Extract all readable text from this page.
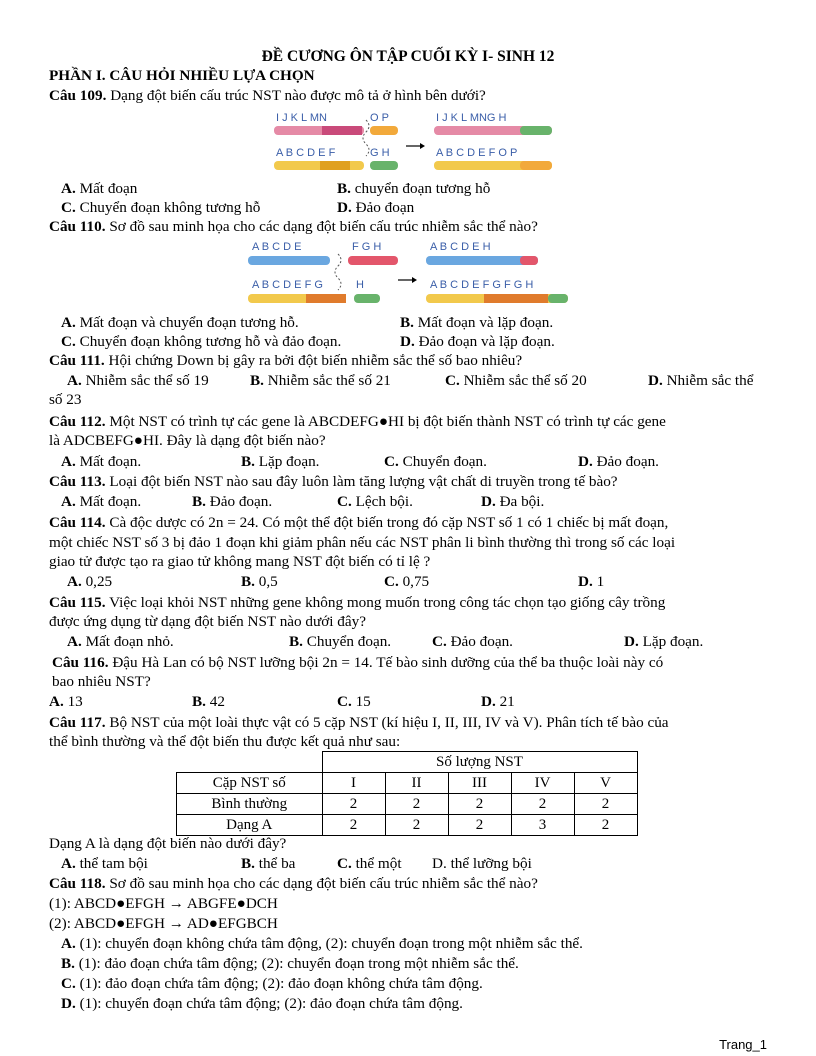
ĐỀ CƯƠNG ÔN TẬP CUỐI KỲ I- SINH 12
PHẦN I. CÂU HỎI NHIỀU LỰA CHỌN
Câu 109. Dạng đột biến cấu trúc NST nào được mô tả ở hình bên dưới?
I J K L MN	O P	I J K L MNG H
A B C D E F	G H	A B C D E F O P
A. Mất đoạn	B. chuyển đoạn tương hỗ
C. Chuyển đoạn không tương hỗ	D. Đảo đoạn
Câu 110. Sơ đồ sau minh họa cho các dạng đột biến cấu trúc nhiễm sắc thể nào?
A B C D E	F G H	A B C D E H
A B C D E F G	H	A B C D E F G F G H
A. Mất đoạn và chuyển đoạn tương hỗ.	B. Mất đoạn và lặp đoạn.
C. Chuyển đoạn không tương hỗ và đảo đoạn.	D. Đảo đoạn và lặp đoạn.
Câu 111. Hội chứng Down bị gây ra bởi đột biến nhiễm sắc thể số bao nhiêu?
A. Nhiễm sắc thể số 19	B. Nhiễm sắc thể số 21	C. Nhiễm sắc thể số 20	D. Nhiễm sắc thể
số 23
Câu 112. Một NST có trình tự các gene là ABCDEFG●HI bị đột biến thành NST có trình tự các gene
là ADCBEFG●HI. Đây là dạng đột biến nào?
A. Mất đoạn.	B. Lặp đoạn.	C. Chuyển đoạn.	D. Đảo đoạn.
Câu 113. Loại đột biến NST nào sau đây luôn làm tăng lượng vật chất di truyền trong tế bào?
A. Mất đoạn.	B. Đảo đoạn.	C. Lệch bội.	D. Đa bội.
Câu 114. Cà độc dược có 2n = 24. Có một thể đột biến trong đó cặp NST số 1 có 1 chiếc bị mất đoạn,
một chiếc NST số 3 bị đảo 1 đoạn khi giảm phân nếu các NST phân li bình thường thì trong số các loại
giao tử được tạo ra giao tử không mang NST đột biến có tỉ lệ ?
A. 0,25	B. 0,5	C. 0,75	D. 1
Câu 115. Việc loại khỏi NST những gene không mong muốn trong công tác chọn tạo giống cây trồng
được ứng dụng từ dạng đột biến NST nào dưới đây?
A. Mất đoạn nhỏ.	B. Chuyển đoạn.	C. Đảo đoạn.	D. Lặp đoạn.
Câu 116. Đậu Hà Lan có bộ NST lưỡng bội 2n = 14. Tế bào sinh dưỡng của thể ba thuộc loài này có
bao nhiêu NST?
A. 13	B. 42	C. 15	D. 21
Câu 117. Bộ NST của một loài thực vật có 5 cặp NST (kí hiệu I, II, III, IV và V). Phân tích tế bào của
thể bình thường và thể đột biến thu được kết quả như sau:
	Số lượng NST				
Cặp NST số	I	II	III	IV	V
Bình thường	2	2	2	2	2
Dạng A	2	2	2	3	2
Dạng A là dạng đột biến nào dưới đây?
A. thể tam bội	B. thể ba	C. thể một D. thể lưỡng bội
Câu 118. Sơ đồ sau minh họa cho các dạng đột biến cấu trúc nhiễm sắc thể nào?
(1): ABCD●EFGH → ABGFE●DCH
(2): ABCD●EFGH → AD●EFGBCH
A. (1): chuyển đoạn không chứa tâm động, (2): chuyển đoạn trong một nhiễm sắc thể.
B. (1): đảo đoạn chứa tâm động; (2): chuyển đoạn trong một nhiễm sắc thể.
C. (1): đảo đoạn chứa tâm động; (2): đảo đoạn không chứa tâm động.
D. (1): chuyển đoạn chứa tâm động; (2): đảo đoạn chứa tâm động.
Trang_1
